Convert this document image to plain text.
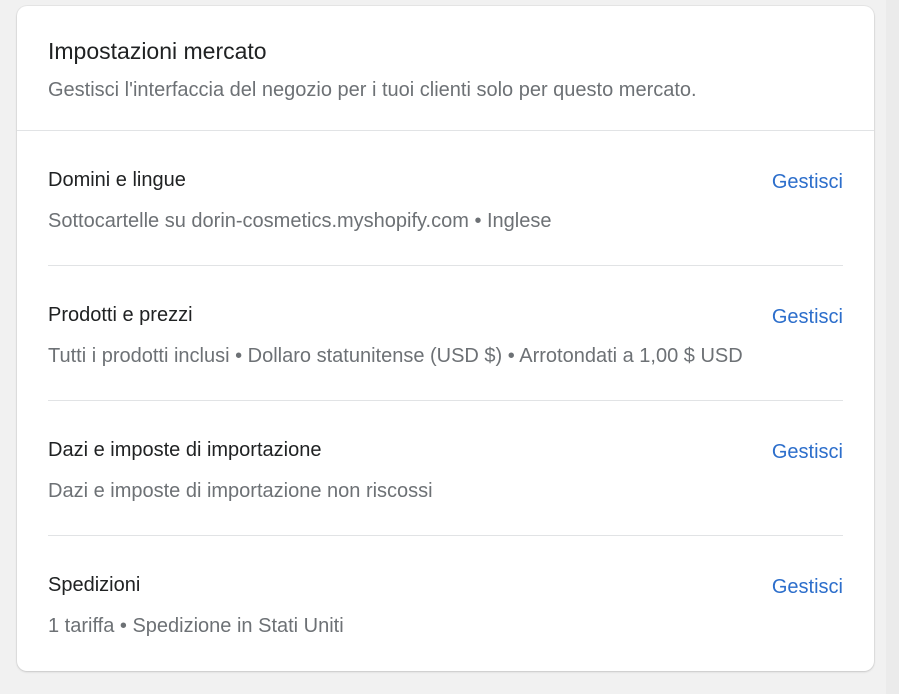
Impostazioni mercato
Gestisci l'interfaccia del negozio per i tuoi clienti solo per questo mercato.
Domini e lingue	Gestisci
Sottocartelle su dorin-cosmetics.myshopify.com • Inglese
Prodotti e prezzi	Gestisci
Tutti i prodotti inclusi • Dollaro statunitense (USD $) • Arrotondati a 1,00 $ USD
Dazi e imposte di importazione	Gestisci
Dazi e imposte di importazione non riscossi
Spedizioni	Gestisci
1 tariffa • Spedizione in Stati Uniti
